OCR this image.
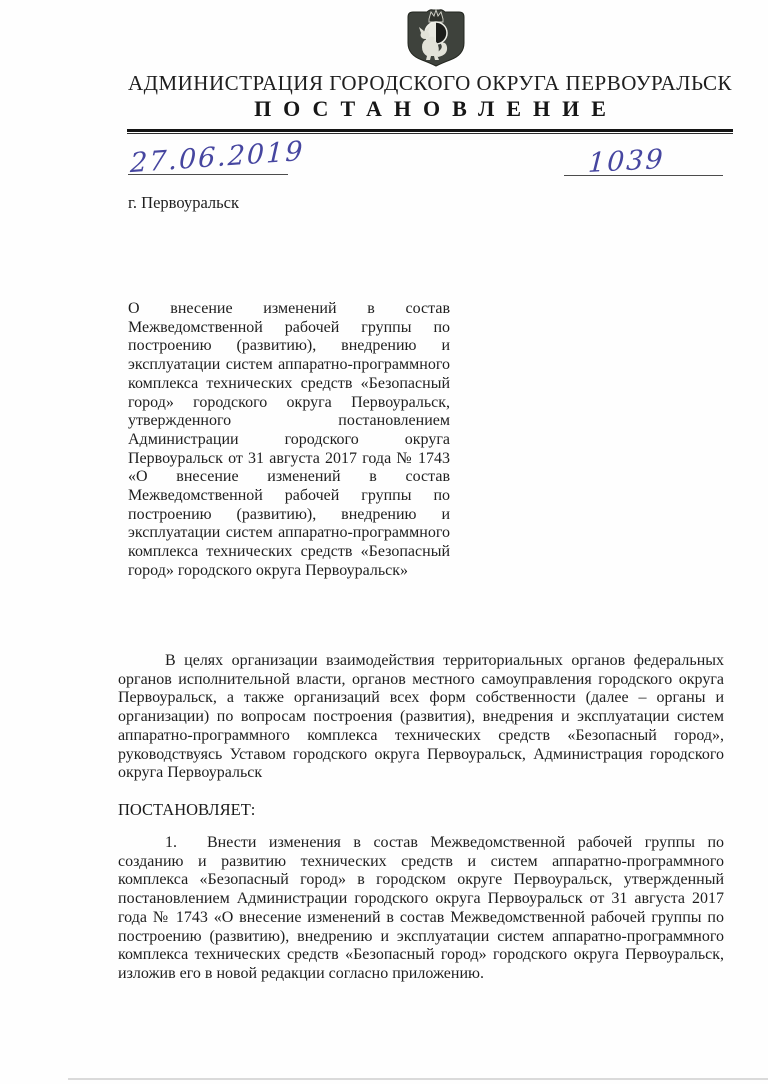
АДМИНИСТРАЦИЯ ГОРОДСКОГО ОКРУГА ПЕРВОУРАЛЬСК
ПОСТАНОВЛЕНИЕ
27.06.2019	1039
г. Первоуральск
О внесение изменений в состав Межведомственной рабочей группы по построению (развитию), внедрению и эксплуатации систем аппаратно-программного комплекса технических средств «Безопасный город» городского округа Первоуральск, утвержденного постановлением Администрации городского округа Первоуральск от 31 августа 2017 года № 1743 «О внесение изменений в состав Межведомственной рабочей группы по построению (развитию), внедрению и эксплуатации систем аппаратно-программного комплекса технических средств «Безопасный город» городского округа Первоуральск»
В целях организации взаимодействия территориальных органов федеральных органов исполнительной власти, органов местного самоуправления городского округа Первоуральск, а также организаций всех форм собственности (далее – органы и организации) по вопросам построения (развития), внедрения и эксплуатации систем аппаратно-программного комплекса технических средств «Безопасный город», руководствуясь Уставом городского округа Первоуральск, Администрация городского округа Первоуральск
ПОСТАНОВЛЯЕТ:
1. Внести изменения в состав Межведомственной рабочей группы по созданию и развитию технических средств и систем аппаратно-программного комплекса «Безопасный город» в городском округе Первоуральск, утвержденный постановлением Администрации городского округа Первоуральск от 31 августа 2017 года № 1743 «О внесение изменений в состав Межведомственной рабочей группы по построению (развитию), внедрению и эксплуатации систем аппаратно-программного комплекса технических средств «Безопасный город» городского округа Первоуральск, изложив его в новой редакции согласно приложению.
